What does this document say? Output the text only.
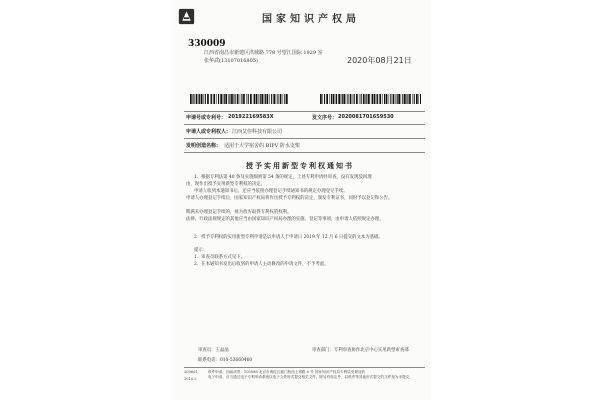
国家知识产权局
330009
江西省南昌市新建区洪城路 778 号望江国际 1929 室
张华武(13107016805)	2020年08月21日
申请号或专利号： 201922169583X	发文序号： 2020081701659530
申请人或专利权人： 江西艾佳科技有限公司
发明创造名称： 适用于大学宿舍的 BIPV 防水支架
授予实用新型专利权通知书
1．根据专利法第 40 条及实施细则第 54 条的规定，上述专利申请经审查，没有发现驳回理
由，现作出授予实用新型专利权的决定。
申请人收到本通知书后，还应当依照办理登记手续通知书的规定办理登记手续。
申请人办理登记手续后，国家知识产权局将作出授予专利权的决定，颁发专利证书，同时予以登记和公告。
期满未办理登记手续的，视为放弃取得专利权的权利。
法律、行政法规规定的其他应当由国家知识产权局办理的实施、登记等事项，由申请人依照规定办理。
2．授予专利权的实用新型专利申请是以申请人于申请日 2019 年 12 月 6 日提交的文本为基础。
提示：
1．审查员联系方式见下。
2．在本通知书发出后收到的申请人主动修改的申请文件，不予考虑。
审查员：王晶晶	审查部门：专利审查协作北京中心实用新型审查部
联系电话：010-53660460
200601
2010.2
纸件申请，回函请寄：100088 北京市海淀区蓟门桥西土城路 6 号 国家知识产权局专利局受理处收
电子申请，应当通过电子专利申请系统以电子文件形式提交相关文件。除另有规定外，以纸件等其他形式提交的文件视为未提交。
